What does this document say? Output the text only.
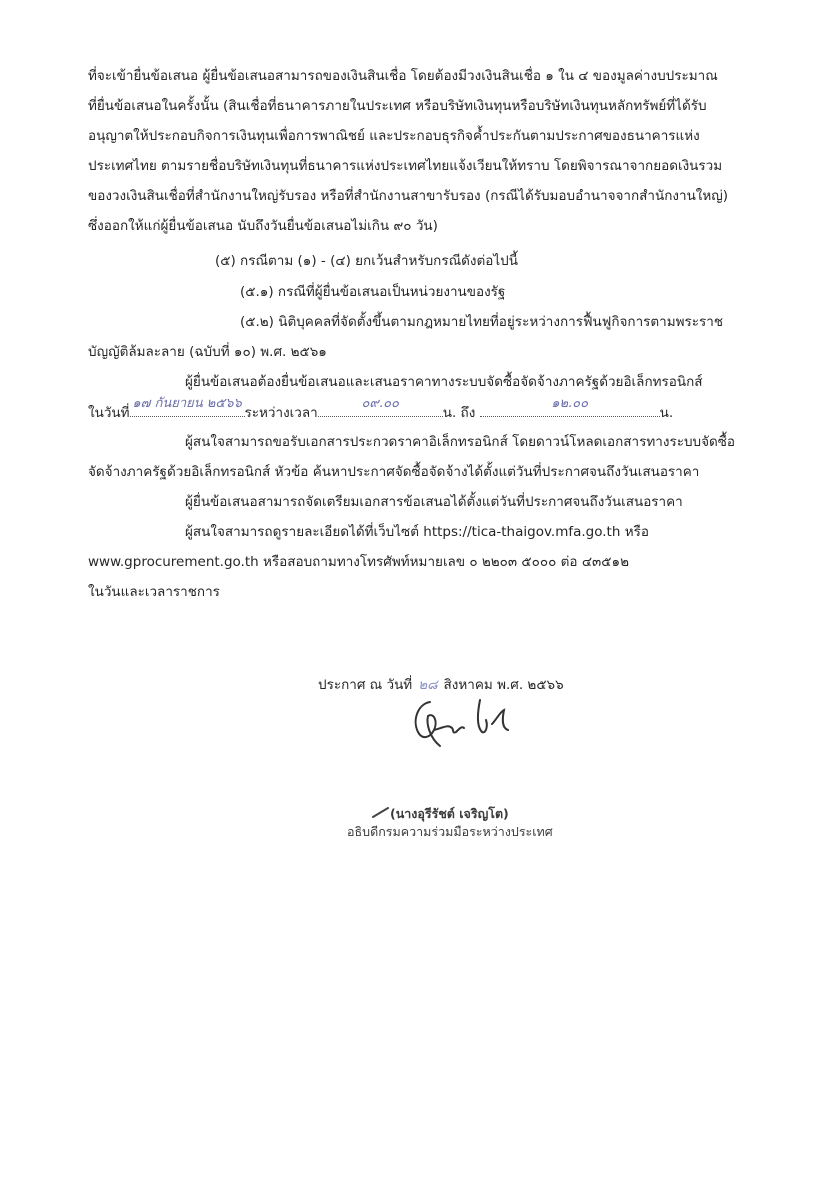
ที่จะเข้ายื่นข้อเสนอ ผู้ยื่นข้อเสนอสามารถของเงินสินเชื่อ โดยต้องมีวงเงินสินเชื่อ ๑ ใน ๔ ของมูลค่างบประมาณ
ที่ยื่นข้อเสนอในครั้งนั้น (สินเชื่อที่ธนาคารภายในประเทศ หรือบริษัทเงินทุนหรือบริษัทเงินทุนหลักทรัพย์ที่ได้รับ
อนุญาตให้ประกอบกิจการเงินทุนเพื่อการพาณิชย์ และประกอบธุรกิจค้ำประกันตามประกาศของธนาคารแห่ง
ประเทศไทย ตามรายชื่อบริษัทเงินทุนที่ธนาคารแห่งประเทศไทยแจ้งเวียนให้ทราบ โดยพิจารณาจากยอดเงินรวม
ของวงเงินสินเชื่อที่สำนักงานใหญ่รับรอง หรือที่สำนักงานสาขารับรอง (กรณีได้รับมอบอำนาจจากสำนักงานใหญ่)
ซึ่งออกให้แก่ผู้ยื่นข้อเสนอ นับถึงวันยื่นข้อเสนอไม่เกิน ๙๐ วัน)
(๕) กรณีตาม (๑) - (๔) ยกเว้นสำหรับกรณีดังต่อไปนี้
(๕.๑) กรณีที่ผู้ยื่นข้อเสนอเป็นหน่วยงานของรัฐ
(๕.๒) นิติบุคคลที่จัดตั้งขึ้นตามกฎหมายไทยที่อยู่ระหว่างการฟื้นฟูกิจการตามพระราช
บัญญัติล้มละลาย (ฉบับที่ ๑๐) พ.ศ. ๒๕๖๑
ผู้ยื่นข้อเสนอต้องยื่นข้อเสนอและเสนอราคาทางระบบจัดซื้อจัดจ้างภาครัฐด้วยอิเล็กทรอนิกส์
ในวันที่
๑๗ กันยายน ๒๕๖๖
ระหว่างเวลา
๐๙.๐๐
น. ถึง
๑๒.๐๐
น.
ผู้สนใจสามารถขอรับเอกสารประกวดราคาอิเล็กทรอนิกส์ โดยดาวน์โหลดเอกสารทางระบบจัดซื้อ
จัดจ้างภาครัฐด้วยอิเล็กทรอนิกส์ หัวข้อ ค้นหาประกาศจัดซื้อจัดจ้างได้ตั้งแต่วันที่ประกาศจนถึงวันเสนอราคา
ผู้ยื่นข้อเสนอสามารถจัดเตรียมเอกสารข้อเสนอได้ตั้งแต่วันที่ประกาศจนถึงวันเสนอราคา
ผู้สนใจสามารถดูรายละเอียดได้ที่เว็บไซต์ https://tica-thaigov.mfa.go.th หรือ
www.gprocurement.go.th หรือสอบถามทางโทรศัพท์หมายเลข ๐ ๒๒๐๓ ๕๐๐๐ ต่อ ๔๓๕๑๒
ในวันและเวลาราชการ
ประกาศ ณ วันที่ ๒๘ สิงหาคม พ.ศ. ๒๕๖๖
(นางอุรีรัชต์ เจริญโต)
อธิบดีกรมความร่วมมือระหว่างประเทศ
